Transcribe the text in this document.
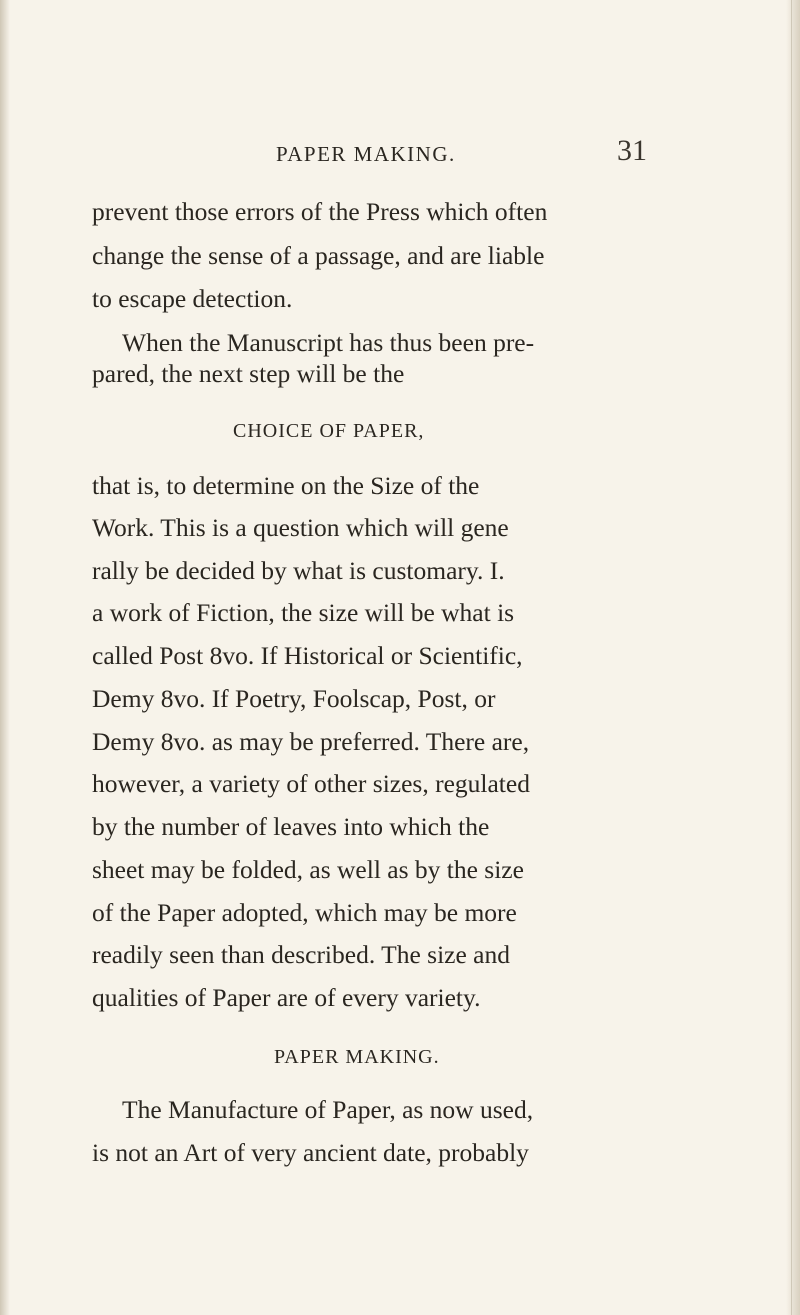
PAPER MAKING.	31
prevent those errors of the Press which often
change the sense of a passage, and are liable
to escape detection.
When the Manuscript has thus been pre-
pared, the next step will be the
CHOICE OF PAPER,
that is, to determine on the Size of the
Work. This is a question which will gene
rally be decided by what is customary. I.
a work of Fiction, the size will be what is
called Post 8vo. If Historical or Scientific,
Demy 8vo. If Poetry, Foolscap, Post, or
Demy 8vo. as may be preferred. There are,
however, a variety of other sizes, regulated
by the number of leaves into which the
sheet may be folded, as well as by the size
of the Paper adopted, which may be more
readily seen than described. The size and
qualities of Paper are of every variety.
PAPER MAKING.
The Manufacture of Paper, as now used,
is not an Art of very ancient date, probably
